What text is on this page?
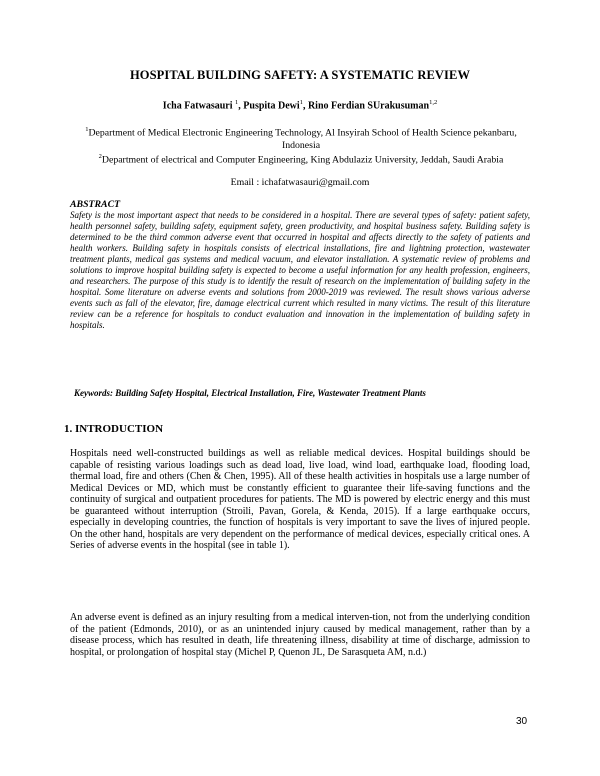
HOSPITAL BUILDING SAFETY: A SYSTEMATIC REVIEW
Icha Fatwasauri $^1$, Puspita Dewi$^1$, Rino Ferdian SUrakusuman$^{1,2}$
$^1$Department of Medical Electronic Engineering Technology, Al Insyirah School of Health Science pekanbaru, Indonesia
$^2$Department of electrical and Computer Engineering, King Abdulaziz University, Jeddah, Saudi Arabia
Email : ichafatwasauri@gmail.com
ABSTRACT

Safety is the most important aspect that needs to be considered in a hospital. There are several types of safety: patient safety, health personnel safety, building safety, equipment safety, green productivity, and hospital business safety. Building safety is determined to be the third common adverse event that occurred in hospital and affects directly to the safety of patients and health workers. Building safety in hospitals consists of electrical installations, fire and lightning protection, wastewater treatment plants, medical gas systems and medical vacuum, and elevator installation. A systematic review of problems and solutions to improve hospital building safety is expected to become a useful information for any health profession, engineers, and researchers. The purpose of this study is to identify the result of research on the implementation of building safety in the hospital. Some literature on adverse events and solutions from 2000-2019 was reviewed. The result shows various adverse events such as fall of the elevator, fire, damage electrical current which resulted in many victims. The result of this literature review can be a reference for hospitals to conduct evaluation and innovation in the implementation of building safety in hospitals.

Keywords: Building Safety Hospital, Electrical Installation, Fire, Wastewater Treatment Plants
1. INTRODUCTION

Hospitals need well-constructed buildings as well as reliable medical devices. Hospital buildings should be capable of resisting various loadings such as dead load, live load, wind load, earthquake load, flooding load, thermal load, fire and others (Chen & Chen, 1995). All of these health activities in hospitals use a large number of Medical Devices or MD, which must be constantly efficient to guarantee their life-saving functions and the continuity of surgical and outpatient procedures for patients. The MD is powered by electric energy and this must be guaranteed without interruption (Stroili, Pavan, Gorela, & Kenda, 2015). If a large earthquake occurs, especially in developing countries, the function of hospitals is very important to save the lives of injured people. On the other hand, hospitals are very dependent on the performance of medical devices, especially critical ones. A Series of adverse events in the hospital (see in table 1).

An adverse event is defined as an injury resulting from a medical interven-tion, not from the underlying condition of the patient (Edmonds, 2010), or as an unintended injury caused by medical management, rather than by a disease process, which has resulted in death, life threatening illness, disability at time of discharge, admission to hospital, or prolongation of hospital stay (Michel P, Quenon JL, De Sarasqueta AM, n.d.)

30
